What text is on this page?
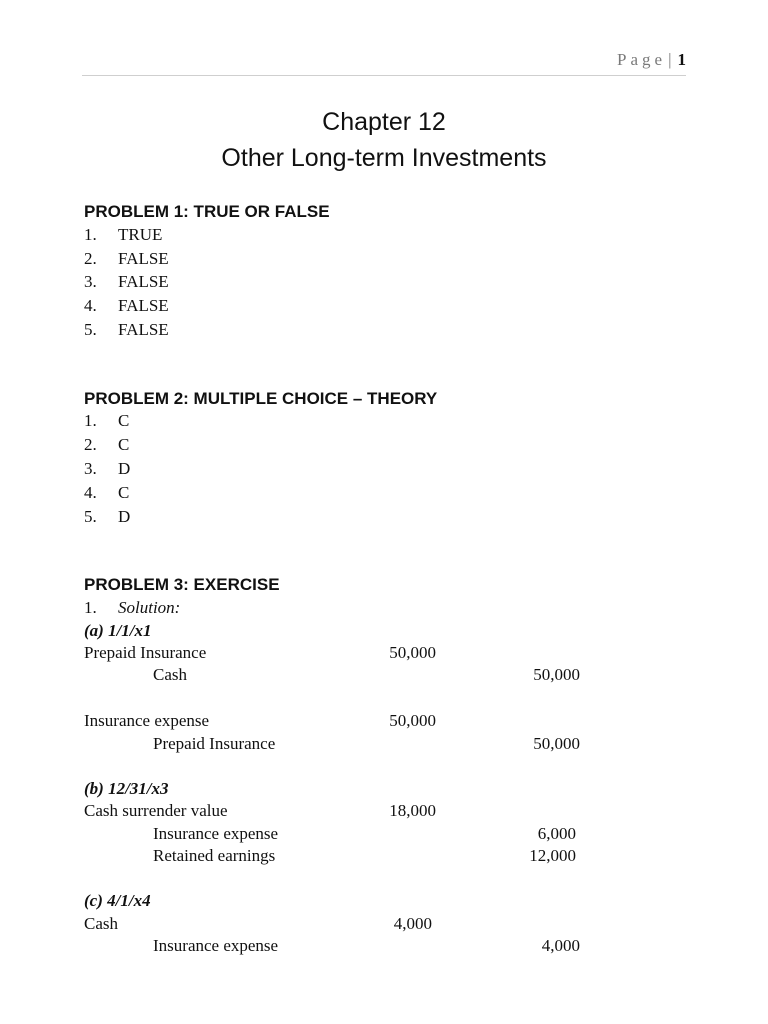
Page | 1
Chapter 12
Other Long-term Investments
PROBLEM 1: TRUE OR FALSE
1. TRUE
2. FALSE
3. FALSE
4. FALSE
5. FALSE
PROBLEM 2: MULTIPLE CHOICE – THEORY
1. C
2. C
3. D
4. C
5. D
PROBLEM 3: EXERCISE
1. Solution:
(a) 1/1/x1
Prepaid Insurance	50,000
Cash	50,000
Insurance expense	50,000
Prepaid Insurance	50,000
(b) 12/31/x3
Cash surrender value	18,000
Insurance expense	6,000
Retained earnings	12,000
(c) 4/1/x4
Cash	4,000
Insurance expense	4,000
